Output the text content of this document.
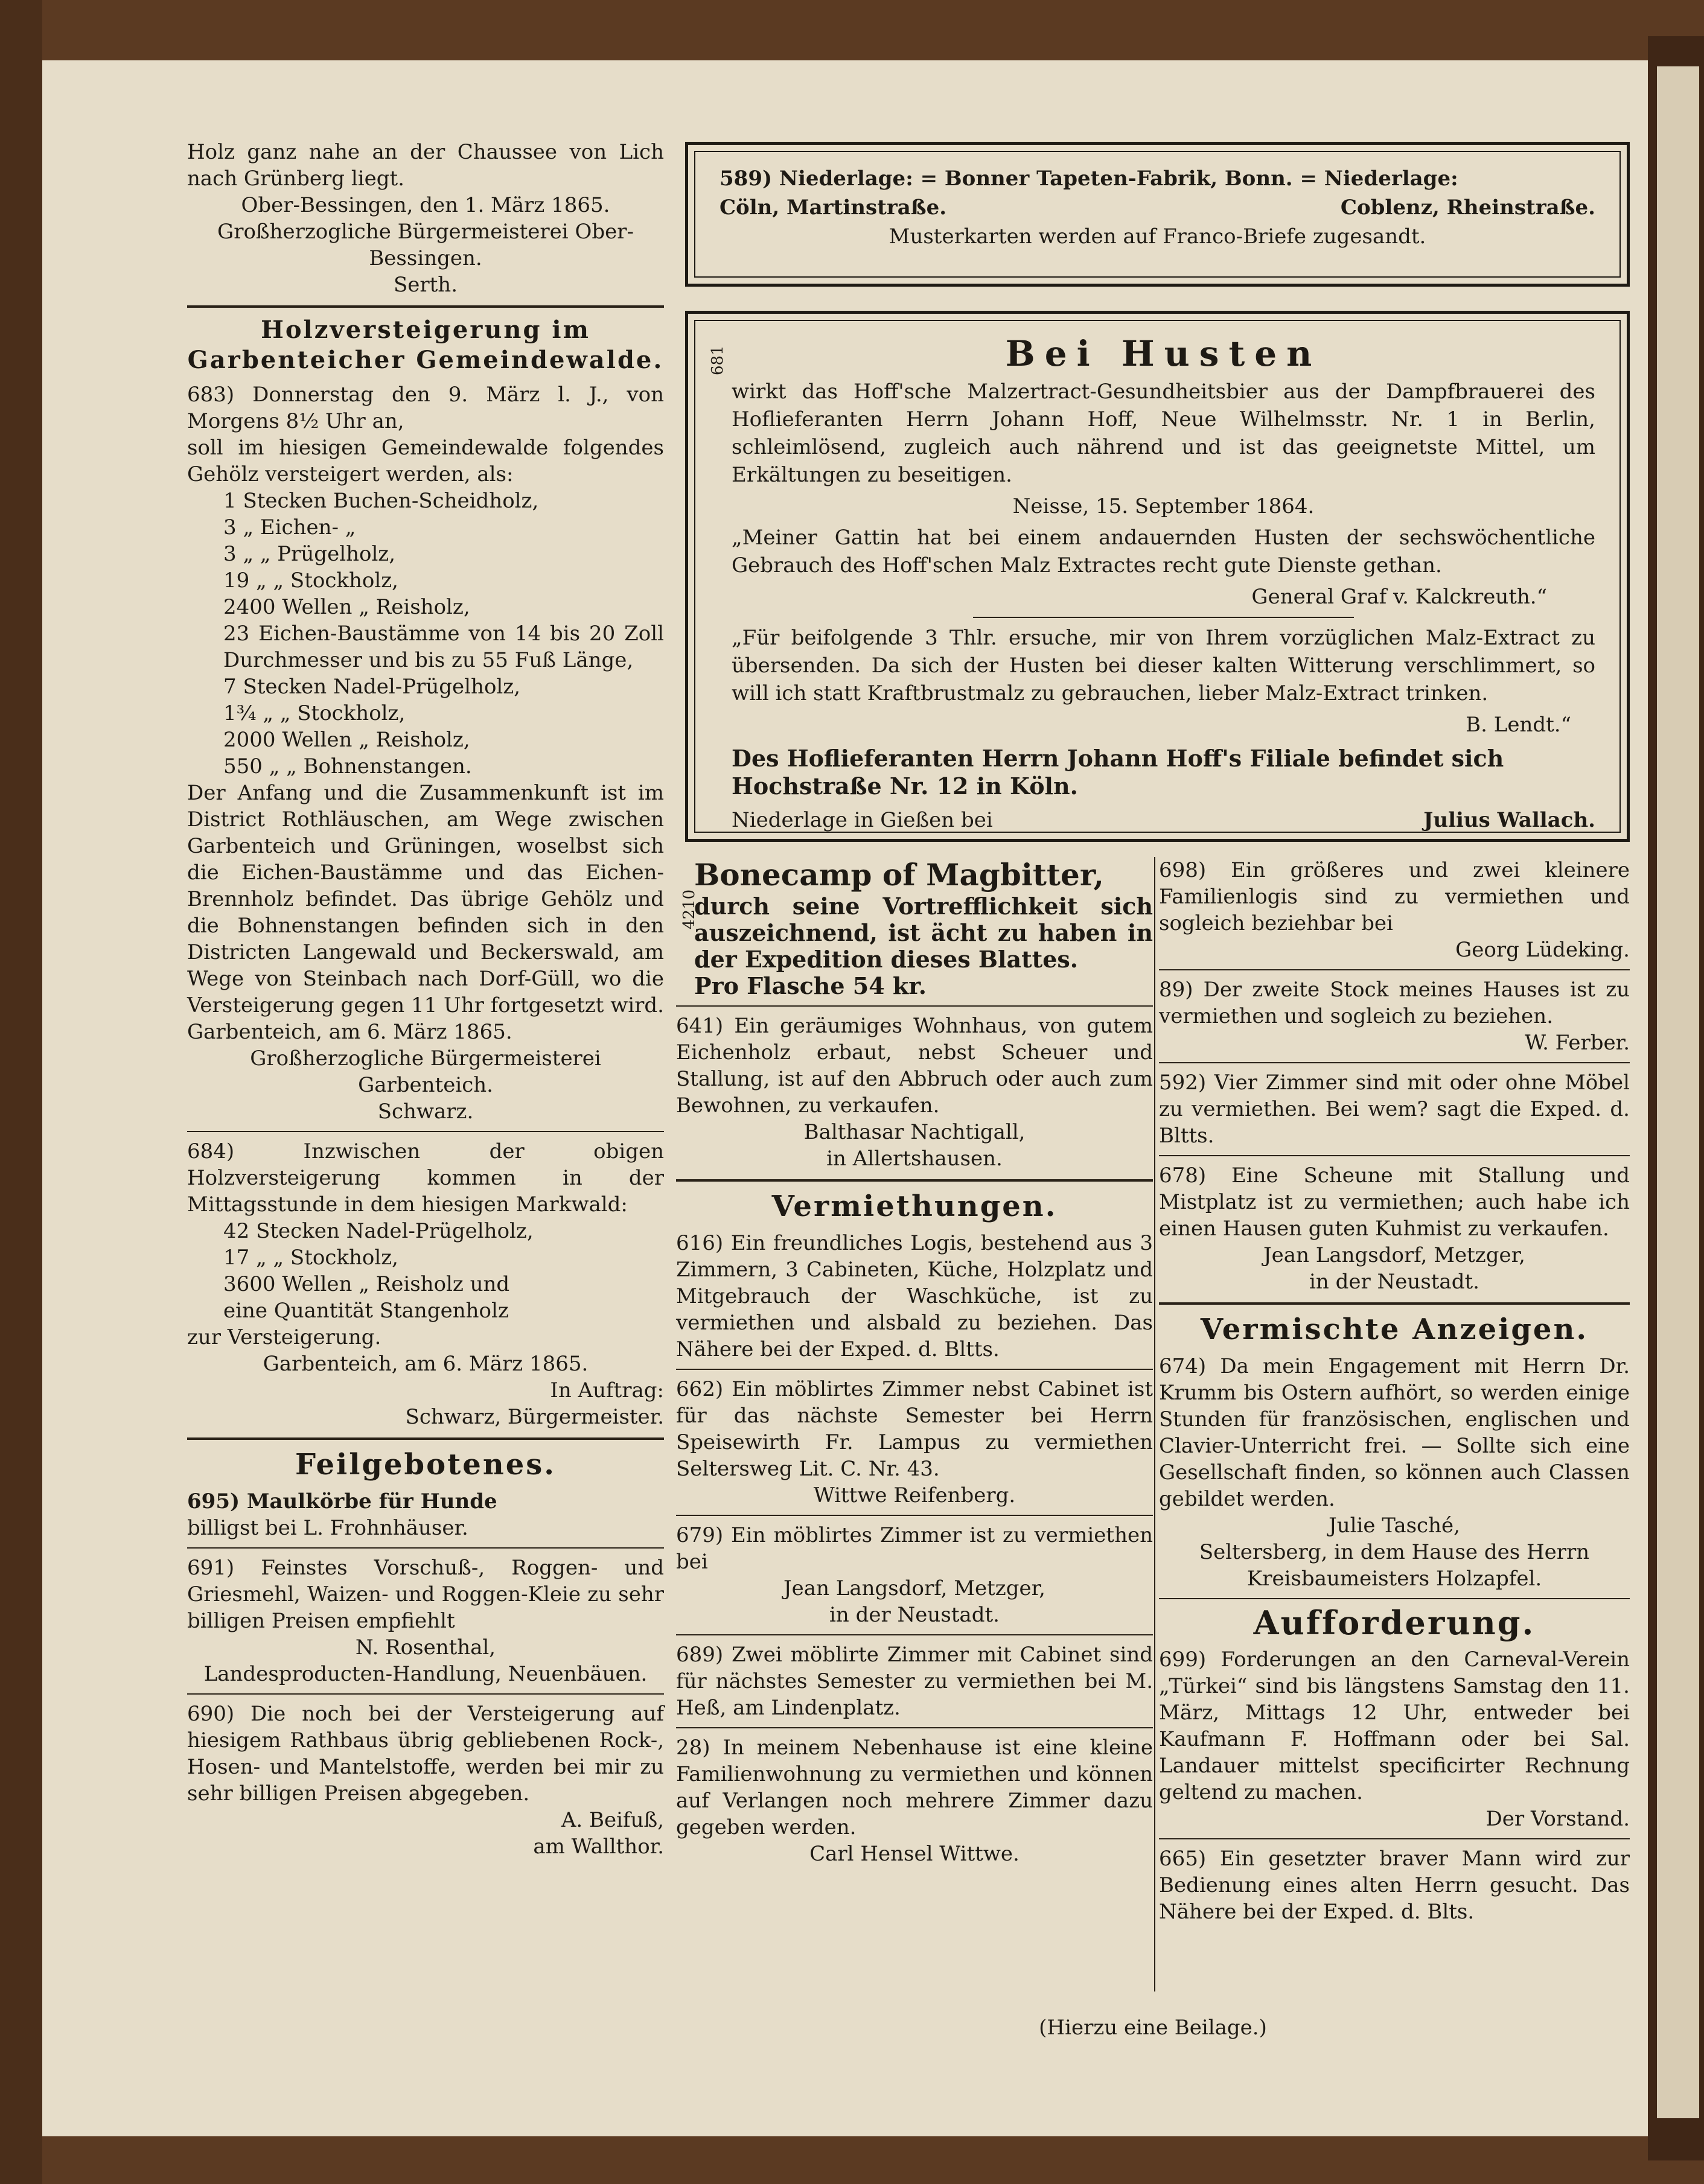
Holz ganz nahe an der Chaussee von Lich nach Grünberg liegt.

Ober-Bessingen, den 1. März 1865.

Großherzogliche Bürgermeisterei Ober-Bessingen.

Serth.

Holzversteigerung im Garbenteicher Gemeindewalde.

683) Donnerstag den 9. März l. J., von Morgens 8½ Uhr an,

soll im hiesigen Gemeindewalde folgendes Gehölz versteigert werden, als:

1 Stecken Buchen-Scheidholz,

3 „ Eichen- „

3 „ „ Prügelholz,

19 „ „ Stockholz,

2400 Wellen „ Reisholz,

23 Eichen-Baustämme von 14 bis 20 Zoll Durchmesser und bis zu 55 Fuß Länge,

7 Stecken Nadel-Prügelholz,

1¾ „ „ Stockholz,

2000 Wellen „ Reisholz,

550 „ „ Bohnenstangen.

Der Anfang und die Zusammenkunft ist im District Rothläuschen, am Wege zwischen Garbenteich und Grüningen, woselbst sich die Eichen-Baustämme und das Eichen-Brennholz befindet. Das übrige Gehölz und die Bohnenstangen befinden sich in den Districten Langewald und Beckerswald, am Wege von Steinbach nach Dorf-Güll, wo die Versteigerung gegen 11 Uhr fortgesetzt wird. Garbenteich, am 6. März 1865.

Großherzogliche Bürgermeisterei Garbenteich.

Schwarz.

684) Inzwischen der obigen Holzversteigerung kommen in der Mittagsstunde in dem hiesigen Markwald:

42 Stecken Nadel-Prügelholz,

17 „ „ Stockholz,

3600 Wellen „ Reisholz und

eine Quantität Stangenholz

zur Versteigerung.

Garbenteich, am 6. März 1865.

In Auftrag:

Schwarz, Bürgermeister.

Feilgebotenes.

695) Maulkörbe für Hunde

billigst bei L. Frohnhäuser.

691) Feinstes Vorschuß-, Roggen- und Griesmehl, Waizen- und Roggen-Kleie zu sehr billigen Preisen empfiehlt

N. Rosenthal,

Landesproducten-Handlung, Neuenbäuen.

690) Die noch bei der Versteigerung auf hiesigem Rathbaus übrig gebliebenen Rock-, Hosen- und Mantelstoffe, werden bei mir zu sehr billigen Preisen abgegeben.

A. Beifuß,

am Wallthor.

589) Niederlage: = Bonner Tapeten-Fabrik, Bonn. = Niederlage:
Cöln, Martinstraße.	Coblenz, Rheinstraße.
Musterkarten werden auf Franco-Briefe zugesandt.
681	Bei Husten

wirkt das Hoff'sche Malzertract-Gesundheitsbier aus der Dampfbrauerei des Hoflieferanten Herrn Johann Hoff, Neue Wilhelmsstr. Nr. 1 in Berlin, schleimlösend, zugleich auch nährend und ist das geeignetste Mittel, um Erkältungen zu beseitigen.

Neisse, 15. September 1864.

„Meiner Gattin hat bei einem andauernden Husten der sechswöchentliche Gebrauch des Hoff'schen Malz Extractes recht gute Dienste gethan.

General Graf v. Kalckreuth.“

„Für beifolgende 3 Thlr. ersuche, mir von Ihrem vorzüglichen Malz-Extract zu übersenden. Da sich der Husten bei dieser kalten Witterung verschlimmert, so will ich statt Kraftbrustmalz zu gebrauchen, lieber Malz-Extract trinken.

B. Lendt.“

Des Hoflieferanten Herrn Johann Hoff's Filiale befindet sich Hochstraße Nr. 12 in Köln.

Niederlage in Gießen bei	Julius Wallach.
4210

Bonecamp of Magbitter,

durch seine Vortrefflichkeit sich auszeichnend, ist ächt zu haben in der Expedition dieses Blattes.

Pro Flasche 54 kr.

641) Ein geräumiges Wohnhaus, von gutem Eichenholz erbaut, nebst Scheuer und Stallung, ist auf den Abbruch oder auch zum Bewohnen, zu verkaufen.

Balthasar Nachtigall,

in Allertshausen.

Vermiethungen.

616) Ein freundliches Logis, bestehend aus 3 Zimmern, 3 Cabineten, Küche, Holzplatz und Mitgebrauch der Waschküche, ist zu vermiethen und alsbald zu beziehen. Das Nähere bei der Exped. d. Bltts.

662) Ein möblirtes Zimmer nebst Cabinet ist für das nächste Semester bei Herrn Speisewirth Fr. Lampus zu vermiethen Seltersweg Lit. C. Nr. 43.

Wittwe Reifenberg.

679) Ein möblirtes Zimmer ist zu vermiethen bei

Jean Langsdorf, Metzger,

in der Neustadt.

689) Zwei möblirte Zimmer mit Cabinet sind für nächstes Semester zu vermiethen bei M. Heß, am Lindenplatz.

28) In meinem Nebenhause ist eine kleine Familienwohnung zu vermiethen und können auf Verlangen noch mehrere Zimmer dazu gegeben werden.

Carl Hensel Wittwe.

698) Ein größeres und zwei kleinere Familienlogis sind zu vermiethen und sogleich beziehbar bei

Georg Lüdeking.

89) Der zweite Stock meines Hauses ist zu vermiethen und sogleich zu beziehen.

W. Ferber.

592) Vier Zimmer sind mit oder ohne Möbel zu vermiethen. Bei wem? sagt die Exped. d. Bltts.

678) Eine Scheune mit Stallung und Mistplatz ist zu vermiethen; auch habe ich einen Hausen guten Kuhmist zu verkaufen.

Jean Langsdorf, Metzger,

in der Neustadt.

Vermischte Anzeigen.

674) Da mein Engagement mit Herrn Dr. Krumm bis Ostern aufhört, so werden einige Stunden für französischen, englischen und Clavier-Unterricht frei. — Sollte sich eine Gesellschaft finden, so können auch Classen gebildet werden.

Julie Tasché,

Seltersberg, in dem Hause des Herrn Kreisbaumeisters Holzapfel.

Aufforderung.

699) Forderungen an den Carneval-Verein „Türkei“ sind bis längstens Samstag den 11. März, Mittags 12 Uhr, entweder bei Kaufmann F. Hoffmann oder bei Sal. Landauer mittelst specificirter Rechnung geltend zu machen.

Der Vorstand.

665) Ein gesetzter braver Mann wird zur Bedienung eines alten Herrn gesucht. Das Nähere bei der Exped. d. Blts.

(Hierzu eine Beilage.)
